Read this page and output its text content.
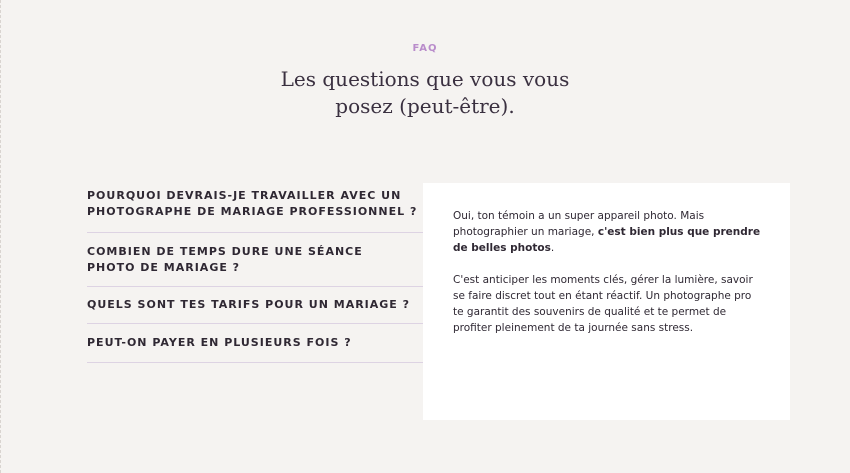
FAQ
Les questions que vous vous
posez (peut-être).
POURQUOI DEVRAIS-JE TRAVAILLER AVEC UN
PHOTOGRAPHE DE MARIAGE PROFESSIONNEL ?
COMBIEN DE TEMPS DURE UNE SÉANCE
PHOTO DE MARIAGE ?
QUELS SONT TES TARIFS POUR UN MARIAGE ?
PEUT-ON PAYER EN PLUSIEURS FOIS ?

Oui, ton témoin a un super appareil photo. Mais photographier un mariage, c'est bien plus que prendre de belles photos.

C'est anticiper les moments clés, gérer la lumière, savoir se faire discret tout en étant réactif. Un photographe pro te garantit des souvenirs de qualité et te permet de profiter pleinement de ta journée sans stress.
